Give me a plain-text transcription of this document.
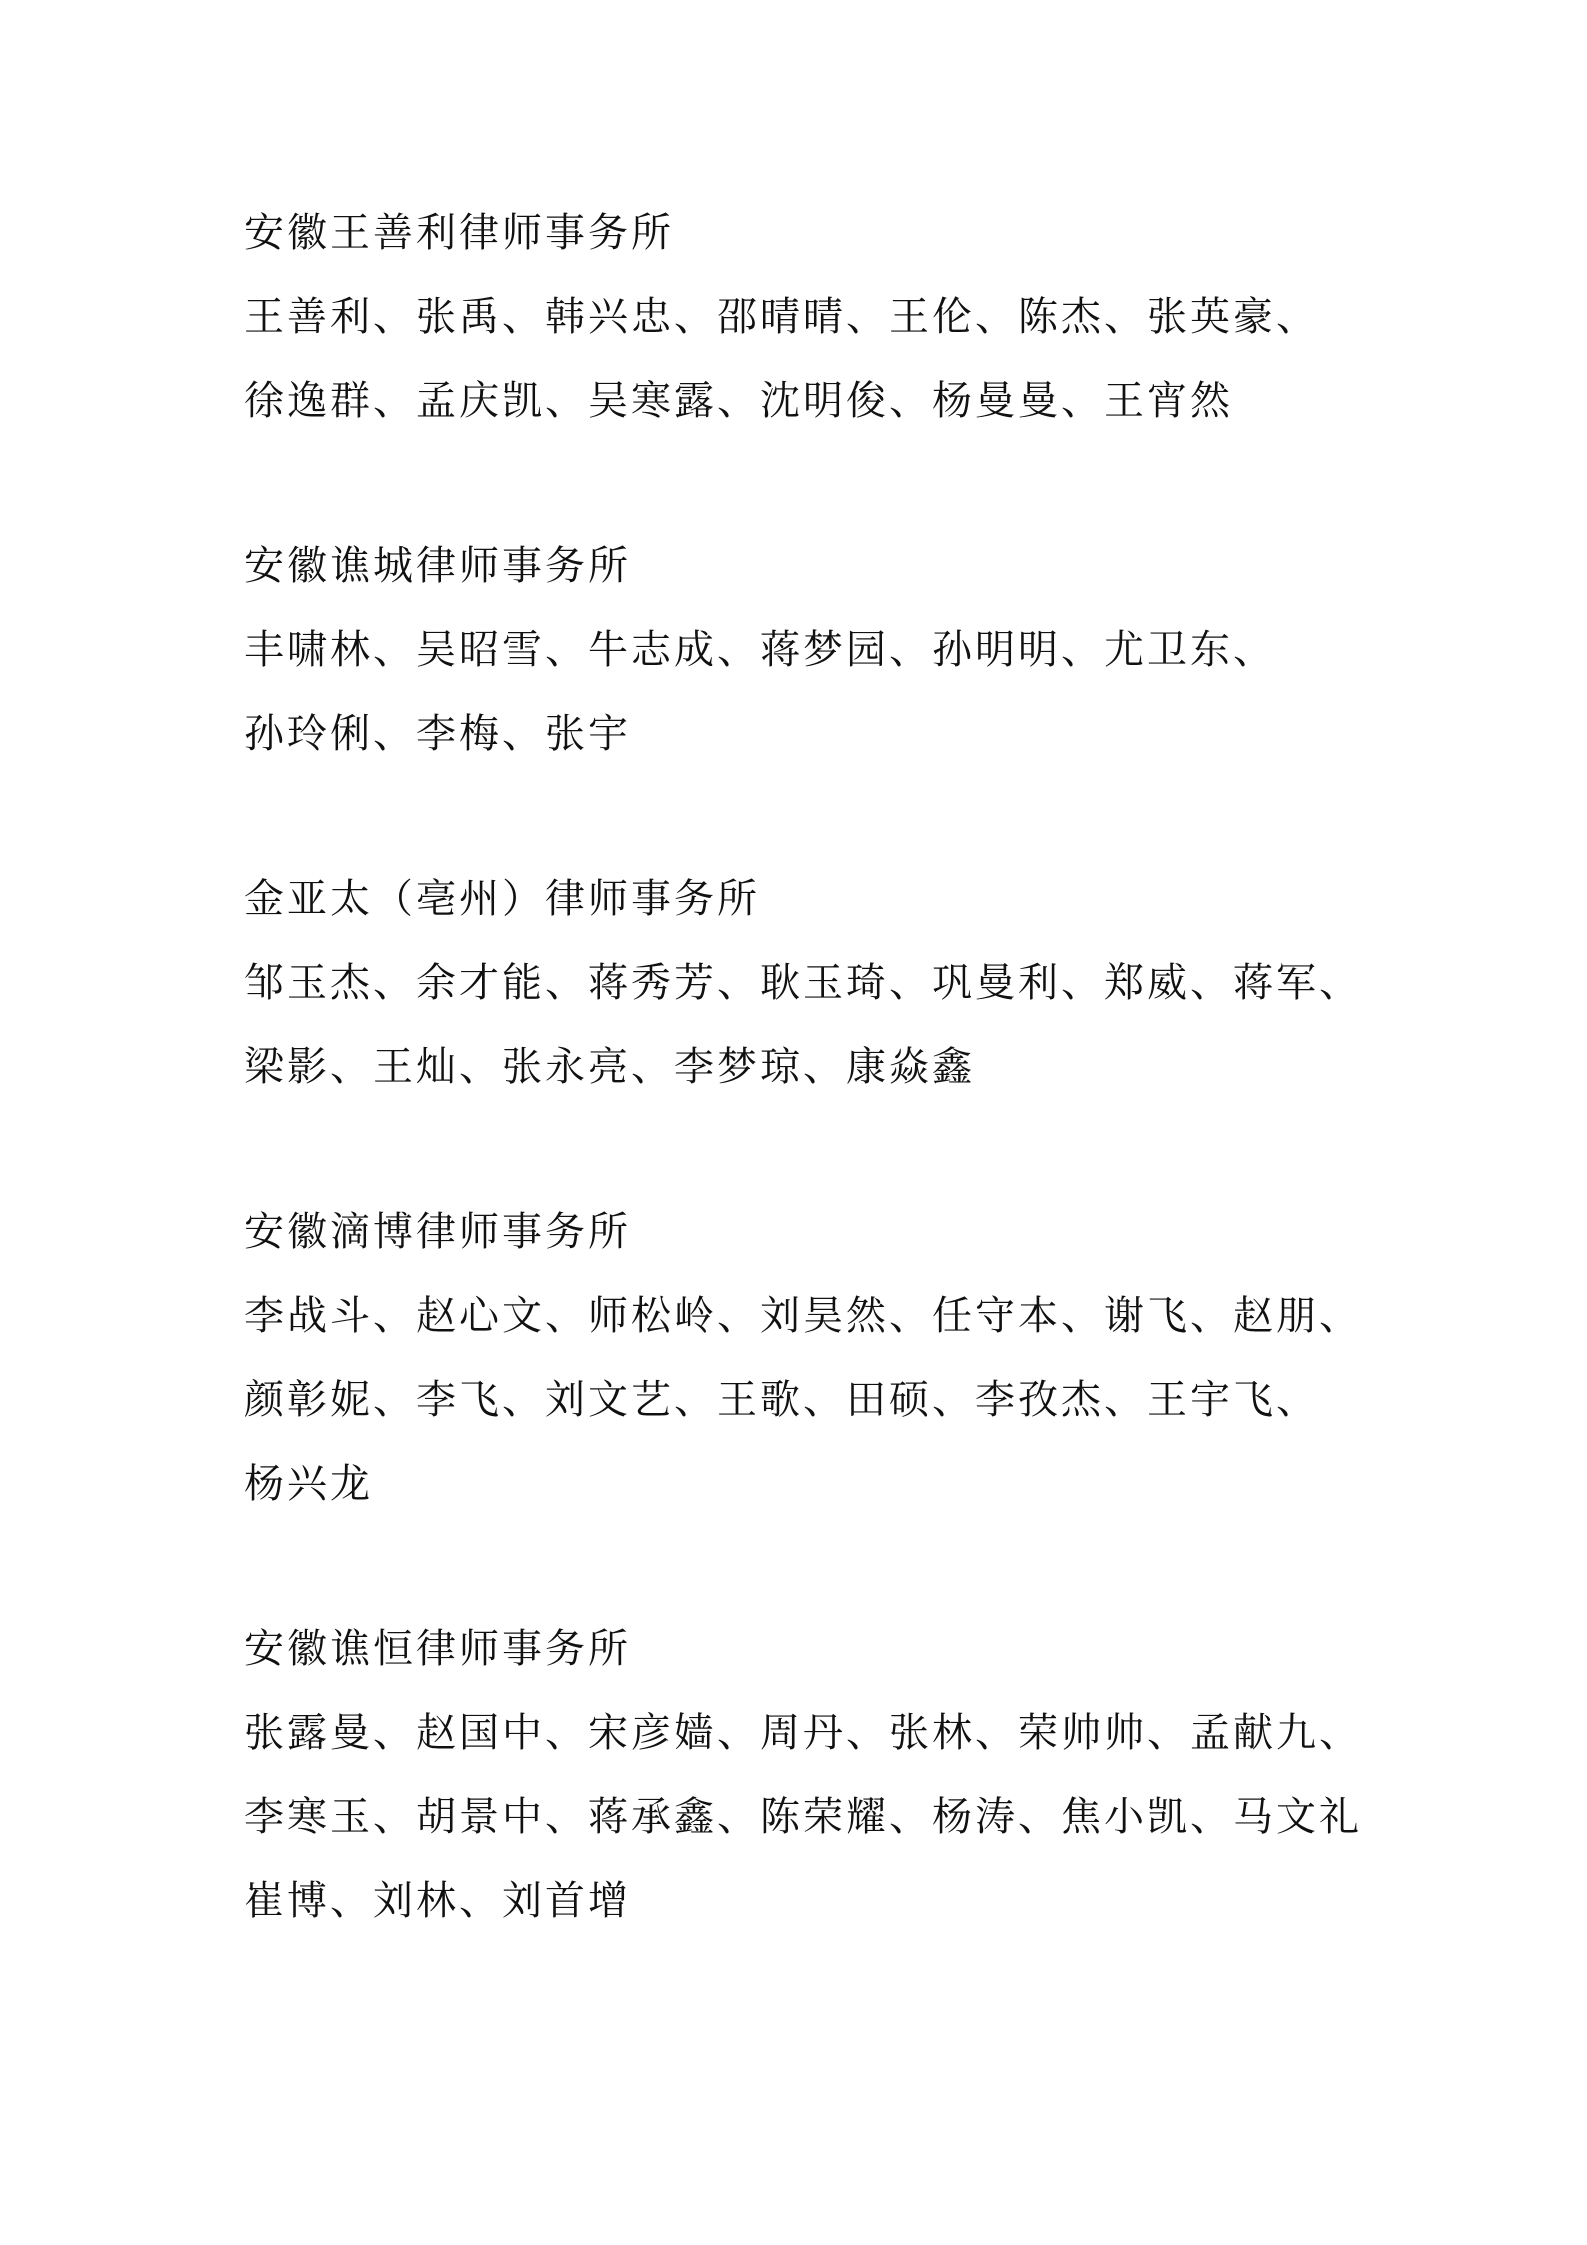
安徽王善利律师事务所
王善利、张禹、韩兴忠、邵晴晴、王伦、陈杰、张英豪、
徐逸群、孟庆凯、吴寒露、沈明俊、杨曼曼、王宵然
安徽谯城律师事务所
丰啸林、吴昭雪、牛志成、蒋梦园、孙明明、尤卫东、
孙玲俐、李梅、张宇
金亚太（亳州）律师事务所
邹玉杰、余才能、蒋秀芳、耿玉琦、巩曼利、郑威、蒋军、
梁影、王灿、张永亮、李梦琼、康焱鑫
安徽滴博律师事务所
李战斗、赵心文、师松岭、刘昊然、任守本、谢飞、赵朋、
颜彰妮、李飞、刘文艺、王歌、田硕、李孜杰、王宇飞、
杨兴龙
安徽谯恒律师事务所
张露曼、赵国中、宋彦嫱、周丹、张林、荣帅帅、孟献九、
李寒玉、胡景中、蒋承鑫、陈荣耀、杨涛、焦小凯、马文礼
崔博、刘林、刘首增
